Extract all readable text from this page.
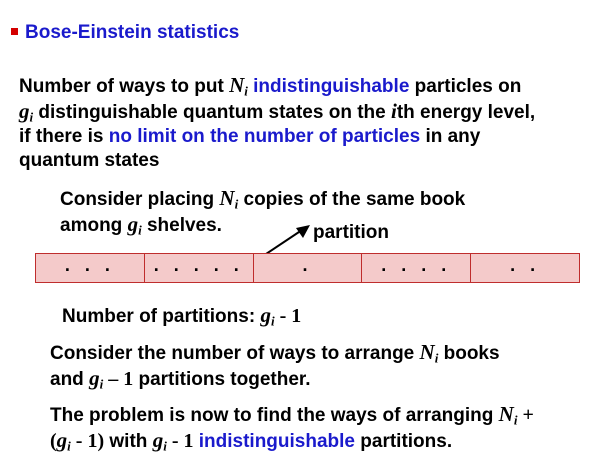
Bose-Einstein statistics
Number of ways to put $N_i$ indistinguishable particles on
$g_i$ distinguishable quantum states on the ith energy level,
if there is no limit on the number of particles in any
quantum states
Consider placing $N_i$ copies of the same book
among $g_i$ shelves.	partition
. . .	. . . . .	.	. . . .	. .
Number of partitions: $g_i - 1$
Consider the number of ways to arrange $N_i$ books
and $g_i - 1$ partitions together.
The problem is now to find the ways of arranging $N_i$ +
$(g_i - 1)$ with $g_i - 1$ indistinguishable partitions.
